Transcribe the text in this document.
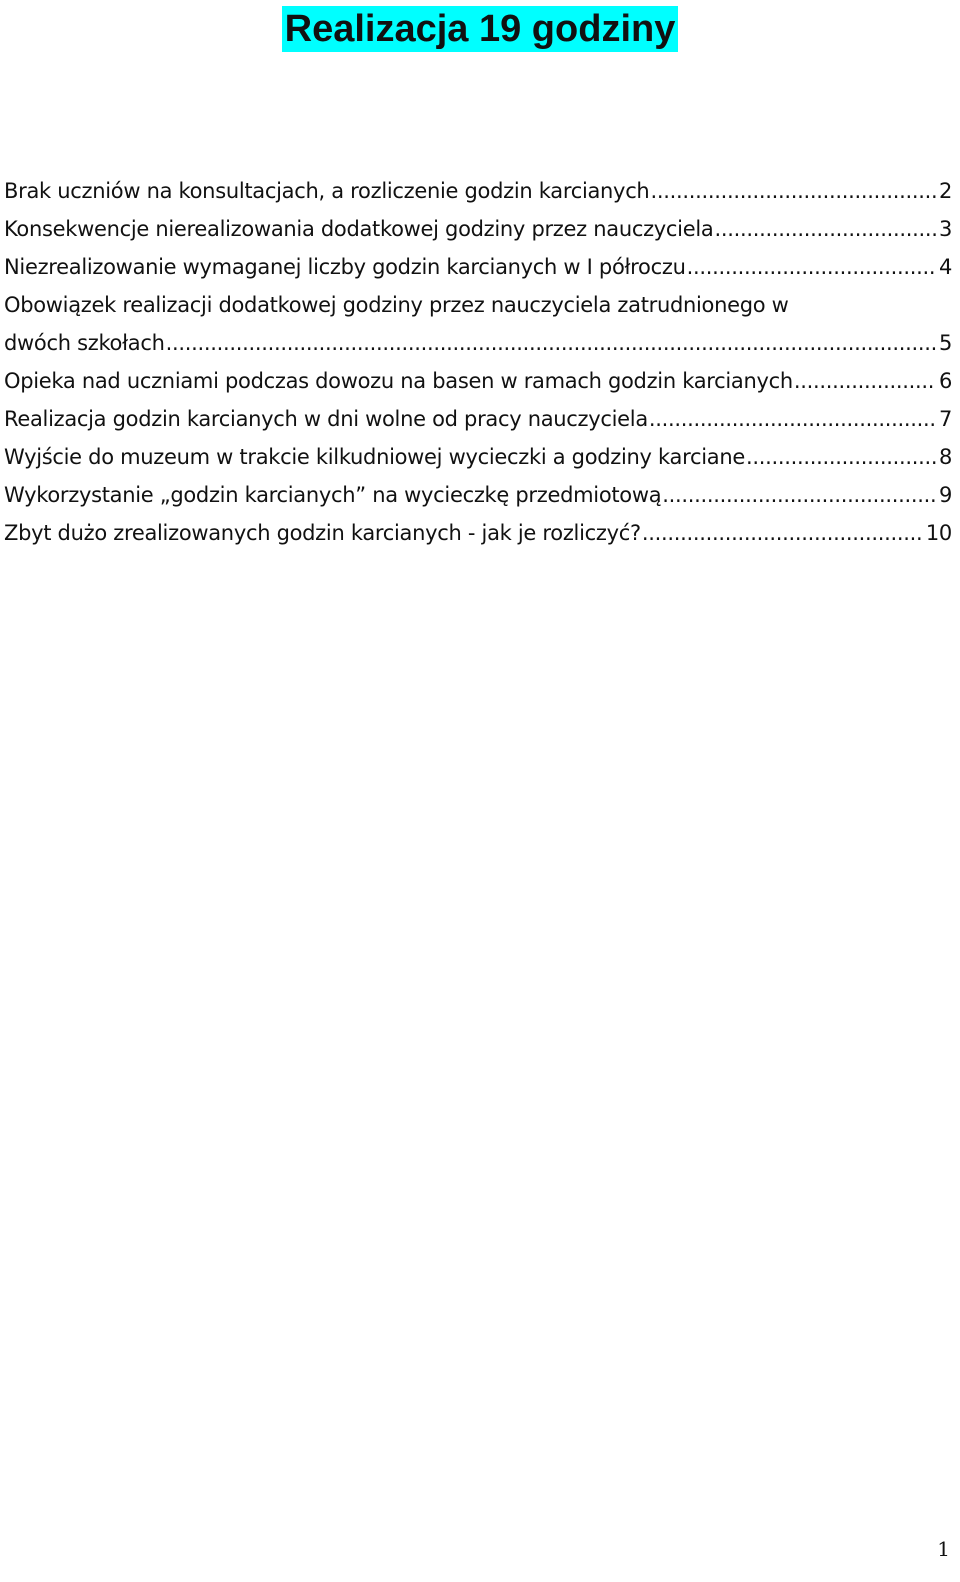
Realizacja 19 godziny
Brak uczniów na konsultacjach, a rozliczenie godzin karcianych .....	2
Konsekwencje nierealizowania dodatkowej godziny przez nauczyciela .....	3
Niezrealizowanie wymaganej liczby godzin karcianych w I półroczu .....	4
Obowiązek realizacji dodatkowej godziny przez nauczyciela zatrudnionego w
dwóch szkołach .....	5
Opieka nad uczniami podczas dowozu na basen w ramach godzin karcianych .....	6
Realizacja godzin karcianych w dni wolne od pracy nauczyciela .....	7
Wyjście do muzeum w trakcie kilkudniowej wycieczki a godziny karciane .....	8
Wykorzystanie „godzin karcianych” na wycieczkę przedmiotową .....	9
Zbyt dużo zrealizowanych godzin karcianych - jak je rozliczyć? .....	10
1
